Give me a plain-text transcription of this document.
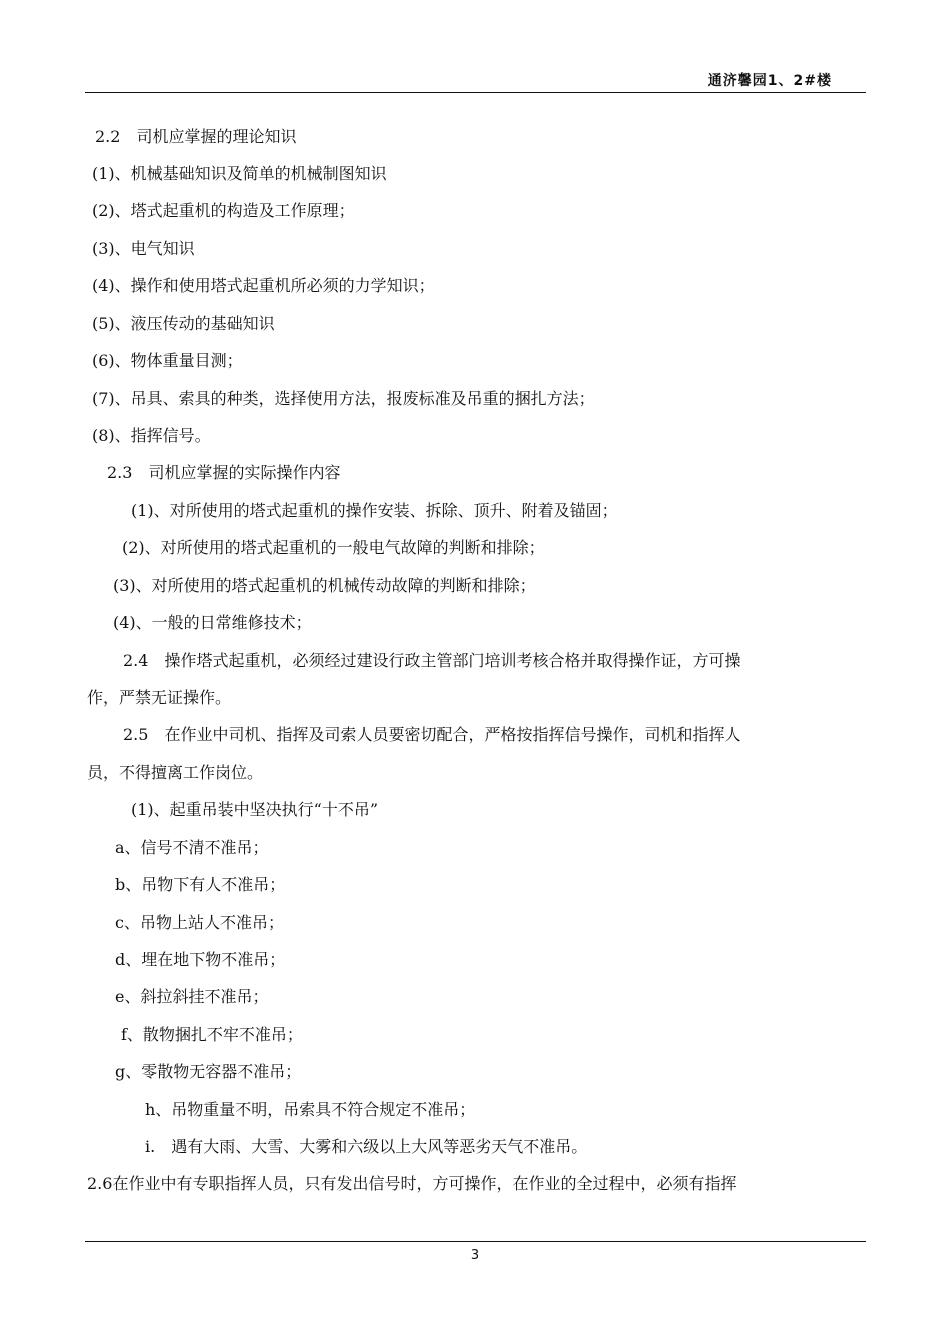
通济馨园1、2#楼
2.2　司机应掌握的理论知识
(1)、机械基础知识及简单的机械制图知识
(2)、塔式起重机的构造及工作原理；
(3)、电气知识
(4)、操作和使用塔式起重机所必须的力学知识；
(5)、液压传动的基础知识
(6)、物体重量目测；
(7)、吊具、索具的种类，选择使用方法，报废标准及吊重的捆扎方法；
(8)、指挥信号。
2.3　司机应掌握的实际操作内容
(1)、对所使用的塔式起重机的操作安装、拆除、顶升、附着及锚固；
(2)、对所使用的塔式起重机的一般电气故障的判断和排除；
(3)、对所使用的塔式起重机的机械传动故障的判断和排除；
(4)、一般的日常维修技术；
2.4　操作塔式起重机，必须经过建设行政主管部门培训考核合格并取得操作证，方可操
作，严禁无证操作。
2.5　在作业中司机、指挥及司索人员要密切配合，严格按指挥信号操作，司机和指挥人
员，不得擅离工作岗位。
(1)、起重吊装中坚决执行“十不吊”
a、信号不清不准吊；
b、吊物下有人不准吊；
c、吊物上站人不准吊；
d、埋在地下物不准吊；
e、斜拉斜挂不准吊；
f、散物捆扎不牢不准吊；
g、零散物无容器不准吊；
h、吊物重量不明，吊索具不符合规定不准吊；
i.　遇有大雨、大雪、大雾和六级以上大风等恶劣天气不准吊。
2.6在作业中有专职指挥人员，只有发出信号时，方可操作，在作业的全过程中，必须有指挥
3
